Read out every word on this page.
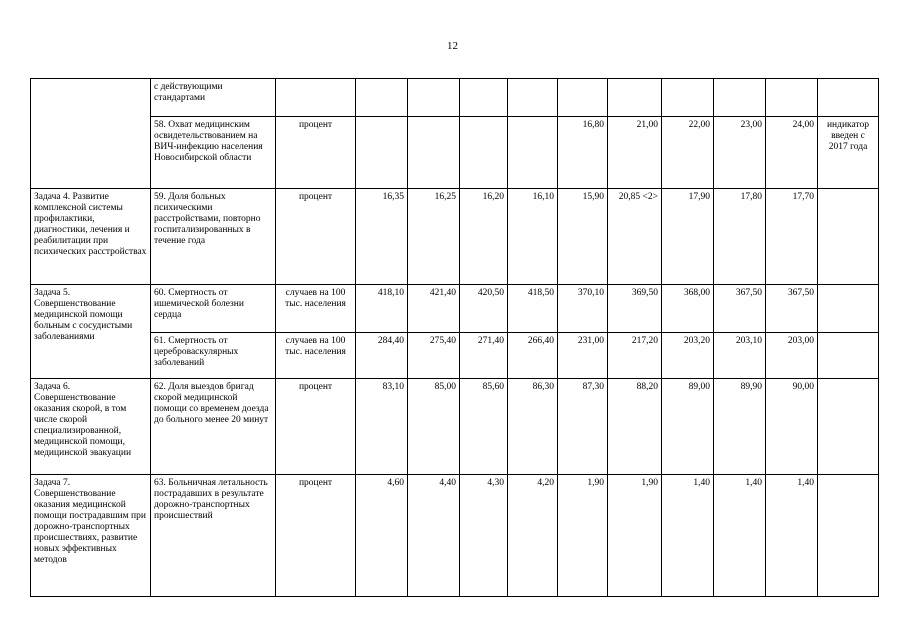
12
	с действующими стандартами											
	58. Охват медицинским освидетельствованием на ВИЧ-инфекцию населения Новосибирской области	процент					16,80	21,00	22,00	23,00	24,00	индикатор введен с 2017 года
Задача 4. Развитие комплексной системы профилактики, диагностики, лечения и реабилитации при психических расстройствах	59. Доля больных психическими расстройствами, повторно госпитализированных в течение года	процент	16,35	16,25	16,20	16,10	15,90	20,85 <2>	17,90	17,80	17,70	
Задача 5. Совершенствование медицинской помощи больным с сосудистыми заболеваниями	60. Смертность от ишемической болезни сердца	случаев на 100 тыс. населения	418,10	421,40	420,50	418,50	370,10	369,50	368,00	367,50	367,50	
	61. Смертность от цереброваскулярных заболеваний	случаев на 100 тыс. населения	284,40	275,40	271,40	266,40	231,00	217,20	203,20	203,10	203,00	
Задача 6. Совершенствование оказания скорой, в том числе скорой специализированной, медицинской помощи, медицинской эвакуации	62. Доля выездов бригад скорой медицинской помощи со временем доезда до больного менее 20 минут	процент	83,10	85,00	85,60	86,30	87,30	88,20	89,00	89,90	90,00	
Задача 7. Совершенствование оказания медицинской помощи пострадавшим при дорожно-транспортных происшествиях, развитие новых эффективных методов	63. Больничная летальность пострадавших в результате дорожно-транспортных происшествий	процент	4,60	4,40	4,30	4,20	1,90	1,90	1,40	1,40	1,40	
